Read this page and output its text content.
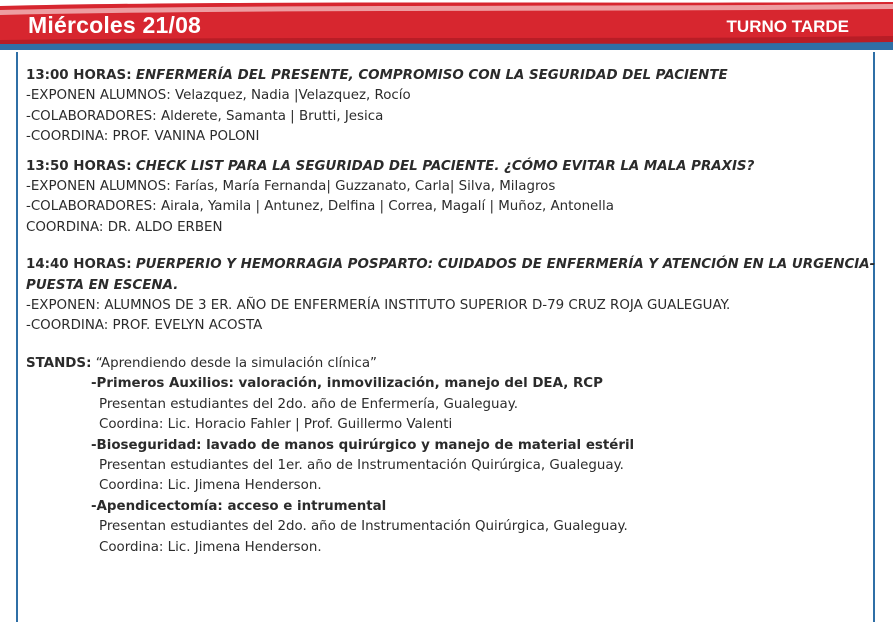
Miércoles 21/08	TURNO TARDE
13:00 HORAS: ENFERMERÍA DEL PRESENTE, COMPROMISO CON LA SEGURIDAD DEL PACIENTE
-EXPONEN ALUMNOS: Velazquez, Nadia |Velazquez, Rocío
-COLABORADORES: Alderete, Samanta | Brutti, Jesica
-COORDINA: PROF. VANINA POLONI
13:50 HORAS: CHECK LIST PARA LA SEGURIDAD DEL PACIENTE. ¿CÓMO EVITAR LA MALA PRAXIS?
-EXPONEN ALUMNOS: Farías, María Fernanda| Guzzanato, Carla| Silva, Milagros
-COLABORADORES: Airala, Yamila | Antunez, Delfina | Correa, Magalí | Muñoz, Antonella
COORDINA: DR. ALDO ERBEN
14:40 HORAS: PUERPERIO Y HEMORRAGIA POSPARTO: CUIDADOS DE ENFERMERÍA Y ATENCIÓN EN LA URGENCIA-
PUESTA EN ESCENA.
-EXPONEN: ALUMNOS DE 3 ER. AÑO DE ENFERMERÍA INSTITUTO SUPERIOR D-79 CRUZ ROJA GUALEGUAY.
-COORDINA: PROF. EVELYN ACOSTA
STANDS: “Aprendiendo desde la simulación clínica”
-Primeros Auxilios: valoración, inmovilización, manejo del DEA, RCP
Presentan estudiantes del 2do. año de Enfermería, Gualeguay.
Coordina: Lic. Horacio Fahler | Prof. Guillermo Valenti
-Bioseguridad: lavado de manos quirúrgico y manejo de material estéril
Presentan estudiantes del 1er. año de Instrumentación Quirúrgica, Gualeguay.
Coordina: Lic. Jimena Henderson.
-Apendicectomía: acceso e intrumental
Presentan estudiantes del 2do. año de Instrumentación Quirúrgica, Gualeguay.
Coordina: Lic. Jimena Henderson.
